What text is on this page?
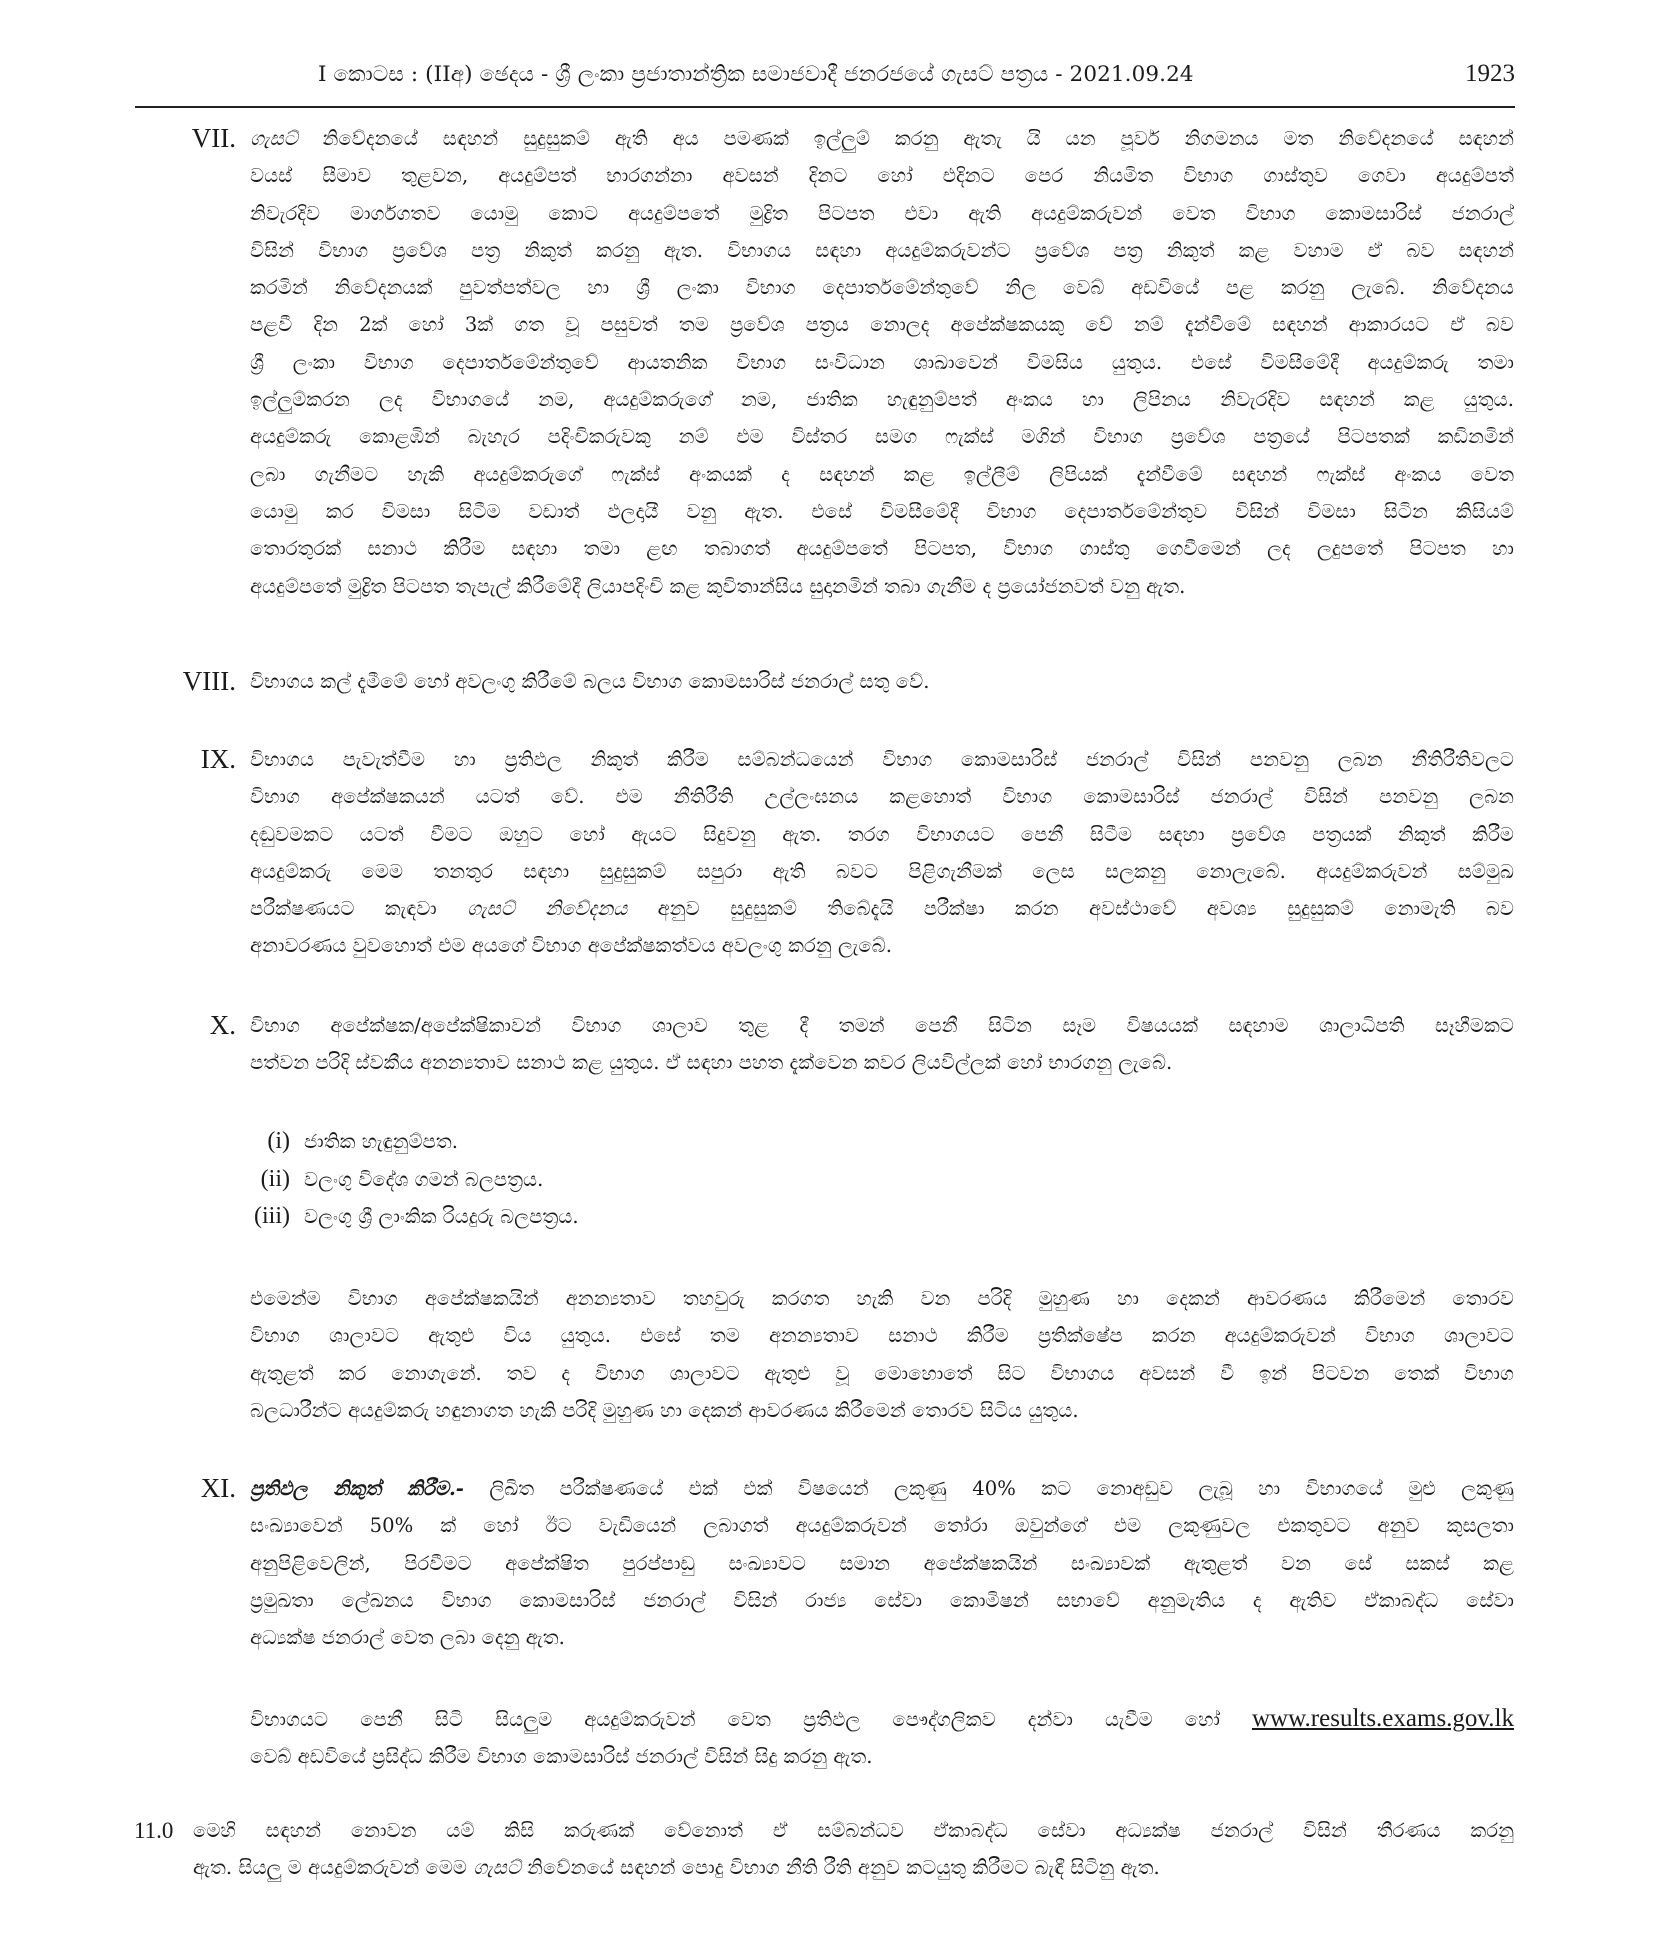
I කොටස : (IIඅ) ඡෙදය - ශ්‍රී ලංකා ප්‍රජාතාන්ත්‍රික සමාජවාදී ජනරජයේ ගැසට් පත්‍රය - 2021.09.24	1923
VII. ගැසට් නිවේදනයේ සඳහන් සුදුසුකම් ඇති අය පමණක් ඉල්ලුම් කරනු ඇතැ යි යන පූර්ව නිගමනය මත නිවේදනයේ සඳහන්
වයස් සීමාව තුළවන, අයදුම්පත් භාරගන්නා අවසන් දිනට හෝ එදිනට පෙර නියමිත විභාග ගාස්තුව ගෙවා අයදුම්පත්
නිවැරදිව මාර්ගගතව යොමු කොට අයදුම්පතේ මුද්‍රිත පිටපත එවා ඇති අයදුම්කරුවන් වෙත විභාග කොමසාරිස් ජනරාල්
විසින් විභාග ප්‍රවේශ පත්‍ර නිකුත් කරනු ඇත. විභාගය සඳහා අයදුම්කරුවන්ට ප්‍රවේශ පත්‍ර නිකුත් කළ වහාම ඒ බව සඳහන්
කරමින් නිවේදනයක් පුවත්පත්වල හා ශ්‍රී ලංකා විභාග දෙපාර්තමේන්තුවේ නිල වෙබ් අඩවියේ පළ කරනු ලැබේ. නිවේදනය
පළවී දින 2ක් හෝ 3ක් ගත වූ පසුවත් තම ප්‍රවේශ පත්‍රය නොලද අපේක්ෂකයකු වේ නම් දැන්වීමේ සඳහන් ආකාරයට ඒ බව
ශ්‍රී ලංකා විභාග දෙපාර්තමේන්තුවේ ආයතනික විභාග සංවිධාන ශාඛාවෙන් විමසිය යුතුය. එසේ විමසීමේදී අයදුම්කරු තමා
ඉල්ලුම්කරන ලද විභාගයේ නම, අයදුම්කරුගේ නම, ජාතික හැඳුනුම්පත් අංකය හා ලිපිනය නිවැරදිව සඳහන් කළ යුතුය.
අයදුම්කරු කොළඹින් බැහැර පදිංචිකරුවකු නම් එම විස්තර සමග ෆැක්ස් මගින් විභාග ප්‍රවේශ පත්‍රයේ පිටපතක් කඩිනමින්
ලබා ගැනීමට හැකි අයදුම්කරුගේ ෆැක්ස් අංකයක් ද සඳහන් කළ ඉල්ලීම් ලිපියක් දැන්වීමේ සඳහන් ෆැක්ස් අංකය වෙත
යොමු කර විමසා සිටීම වඩාත් ඵලදායී වනු ඇත. එසේ විමසීමේදී විභාග දෙපාර්තමේන්තුව විසින් විමසා සිටින කිසියම්
තොරතුරක් සනාථ කිරීම සඳහා තමා ළඟ තබාගත් අයදුම්පතේ පිටපත, විභාග ගාස්තු ගෙවීමෙන් ලද ලදුපතේ පිටපත හා
අයදුම්පතේ මුද්‍රිත පිටපත තැපැල් කිරීමේදී ලියාපදිංචි කළ කුවිතාන්සිය සුදානමින් තබා ගැනීම ද ප්‍රයෝජනවත් වනු ඇත.
VIII. විභාගය කල් දැමීමේ හෝ අවලංගු කිරීමේ බලය විභාග කොමසාරිස් ජනරාල් සතු වේ.
IX. විභාගය පැවැත්වීම හා ප්‍රතිඵල නිකුත් කිරීම සම්බන්ධයෙන් විභාග කොමසාරිස් ජනරාල් විසින් පනවනු ලබන නීතිරීතිවලට
විභාග අපේක්ෂකයන් යටත් වේ. එම නීතිරීති උල්ලංඝනය කළහොත් විභාග කොමසාරිස් ජනරාල් විසින් පනවනු ලබන
දඬුවමකට යටත් වීමට ඔහුට හෝ ඇයට සිදුවනු ඇත. තරග විභාගයට පෙනී සිටීම සඳහා ප්‍රවේශ පත්‍රයක් නිකුත් කිරීම
අයදුම්කරු මෙම තනතුර සඳහා සුදුසුකම් සපුරා ඇති බවට පිළිගැනීමක් ලෙස සලකනු නොලැබේ. අයදුම්කරුවන් සම්මුඛ
පරීක්ෂණයට කැඳවා ගැසට් නිවේදනය අනුව සුදුසුකම් තිබේදැයි පරීක්ෂා කරන අවස්ථාවේ අවශ්‍ය සුදුසුකම් නොමැති බව
අනාවරණය වුවහොත් එම අයගේ විභාග අපේක්ෂකත්වය අවලංගු කරනු ලැබේ.
X. විභාග අපේක්ෂක/අපේක්ෂිකාවන් විභාග ශාලාව තුළ දී තමන් පෙනී සිටින සෑම විෂයයක් සඳහාම ශාලාධිපති සෑහීමකට
පත්වන පරිදි ස්වකීය අනන්‍යතාව සනාථ කළ යුතුය. ඒ සඳහා පහත දැක්වෙන කවර ලියවිල්ලක් හෝ භාරගනු ලැබේ.
(i) ජාතික හැඳුනුම්පත.
(ii) වලංගු විදේශ ගමන් බලපත්‍රය.
(iii) වලංගු ශ්‍රී ලාංකික රියදුරු බලපත්‍රය.
එමෙන්ම විභාග අපේක්ෂකයින් අනන්‍යතාව තහවුරු කරගත හැකි වන පරිදි මුහුණ හා දෙකන් ආවරණය කිරීමෙන් තොරව
විභාග ශාලාවට ඇතුළු විය යුතුය. එසේ තම අනන්‍යතාව සනාථ කිරීම ප්‍රතික්ෂේප කරන අයදුම්කරුවන් විභාග ශාලාවට
ඇතුළත් කර නොගැනේ. තව ද විභාග ශාලාවට ඇතුළු වූ මොහොතේ සිට විභාගය අවසන් වී ඉන් පිටවන තෙක් විභාග
බලධාරීන්ට අයදුම්කරු හඳුනාගත හැකි පරිදි මුහුණ හා දෙකන් ආවරණය කිරීමෙන් තොරව සිටිය යුතුය.
XI. ප්‍රතිඵල නිකුත් කිරීම.- ලිඛිත පරීක්ෂණයේ එක් එක් විෂයෙන් ලකුණු 40% කට නොඅඩුව ලැබූ හා විභාගයේ මුළු ලකුණු
සංඛ්‍යාවෙන් 50% ක් හෝ ඊට වැඩියෙන් ලබාගත් අයදුම්කරුවන් තෝරා ඔවුන්ගේ එම ලකුණුවල එකතුවට අනුව කුසලතා
අනුපිළිවෙලින්, පිරවීමට අපේක්ෂිත පුරප්පාඩු සංඛ්‍යාවට සමාන අපේක්ෂකයින් සංඛ්‍යාවක් ඇතුළත් වන සේ සකස් කළ
ප්‍රමුඛතා ලේඛනය විභාග කොමසාරිස් ජනරාල් විසින් රාජ්‍ය සේවා කොමිෂන් සභාවේ අනුමැතිය ද ඇතිව ඒකාබද්ධ සේවා
අධ්‍යක්ෂ ජනරාල් වෙත ලබා දෙනු ඇත.
විභාගයට පෙනී සිටි සියලුම අයදුම්කරුවන් වෙත ප්‍රතිඵල පෞද්ගලිකව දන්වා යැවීම හෝ www.results.exams.gov.lk
වෙබ් අඩවියේ ප්‍රසිද්ධ කිරීම විභාග කොමසාරිස් ජනරාල් විසින් සිදු කරනු ඇත.
11.0 මෙහි සඳහන් නොවන යම් කිසි කරුණක් වේනොත් ඒ සම්බන්ධව ඒකාබද්ධ සේවා අධ්‍යක්ෂ ජනරාල් විසින් තීරණය කරනු
ඇත. සියලු ම අයදුම්කරුවන් මෙම ගැසට් නිවේනයේ සඳහන් පොදු විභාග නීති රීති අනුව කටයුතු කිරීමට බැඳී සිටිනු ඇත.
